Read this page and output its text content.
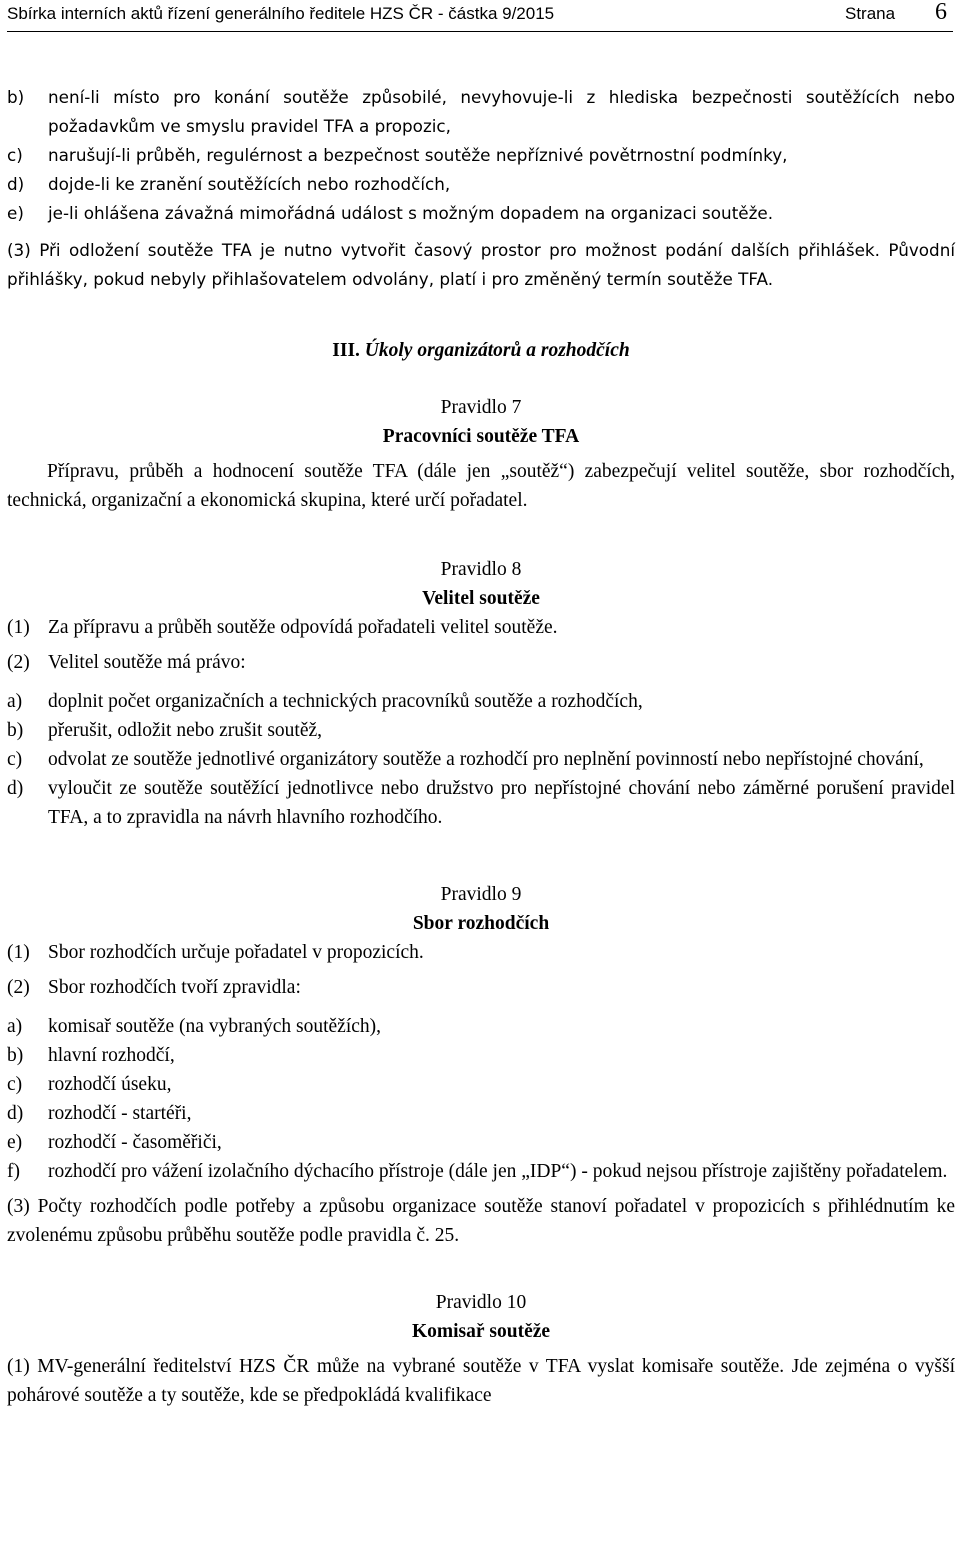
Sbírka interních aktů řízení generálního ředitele HZS ČR - částka 9/2015	Strana 6
b) není-li místo pro konání soutěže způsobilé, nevyhovuje-li z hlediska bezpečnosti soutěžících nebo požadavkům ve smyslu pravidel TFA a propozic,
c) narušují-li průběh, regulérnost a bezpečnost soutěže nepříznivé povětrnostní podmínky,
d) dojde-li ke zranění soutěžících nebo rozhodčích,
e) je-li ohlášena závažná mimořádná událost s možným dopadem na organizaci soutěže.
(3) Při odložení soutěže TFA je nutno vytvořit časový prostor pro možnost podání dalších přihlášek. Původní přihlášky, pokud nebyly přihlašovatelem odvolány, platí i pro změněný termín soutěže TFA.
III. Úkoly organizátorů a rozhodčích
Pravidlo 7
Pracovníci soutěže TFA
Přípravu, průběh a hodnocení soutěže TFA (dále jen „soutěž“) zabezpečují velitel soutěže, sbor rozhodčích, technická, organizační a ekonomická skupina, které určí pořadatel.
Pravidlo 8
Velitel soutěže
(1) Za přípravu a průběh soutěže odpovídá pořadateli velitel soutěže.
(2) Velitel soutěže má právo:
a) doplnit počet organizačních a technických pracovníků soutěže a rozhodčích,
b) přerušit, odložit nebo zrušit soutěž,
c) odvolat ze soutěže jednotlivé organizátory soutěže a rozhodčí pro neplnění povinností nebo nepřístojné chování,
d) vyloučit ze soutěže soutěžící jednotlivce nebo družstvo pro nepřístojné chování nebo záměrné porušení pravidel TFA, a to zpravidla na návrh hlavního rozhodčího.
Pravidlo 9
Sbor rozhodčích
(1) Sbor rozhodčích určuje pořadatel v propozicích.
(2) Sbor rozhodčích tvoří zpravidla:
a) komisař soutěže (na vybraných soutěžích),
b) hlavní rozhodčí,
c) rozhodčí úseku,
d) rozhodčí - startéři,
e) rozhodčí - časoměřiči,
f) rozhodčí pro vážení izolačního dýchacího přístroje (dále jen „IDP“) - pokud nejsou přístroje zajištěny pořadatelem.
(3) Počty rozhodčích podle potřeby a způsobu organizace soutěže stanoví pořadatel v propozicích s přihlédnutím ke zvolenému způsobu průběhu soutěže podle pravidla č. 25.
Pravidlo 10
Komisař soutěže
(1) MV-generální ředitelství HZS ČR může na vybrané soutěže v TFA vyslat komisaře soutěže. Jde zejména o vyšší pohárové soutěže a ty soutěže, kde se předpokládá kvalifikace
